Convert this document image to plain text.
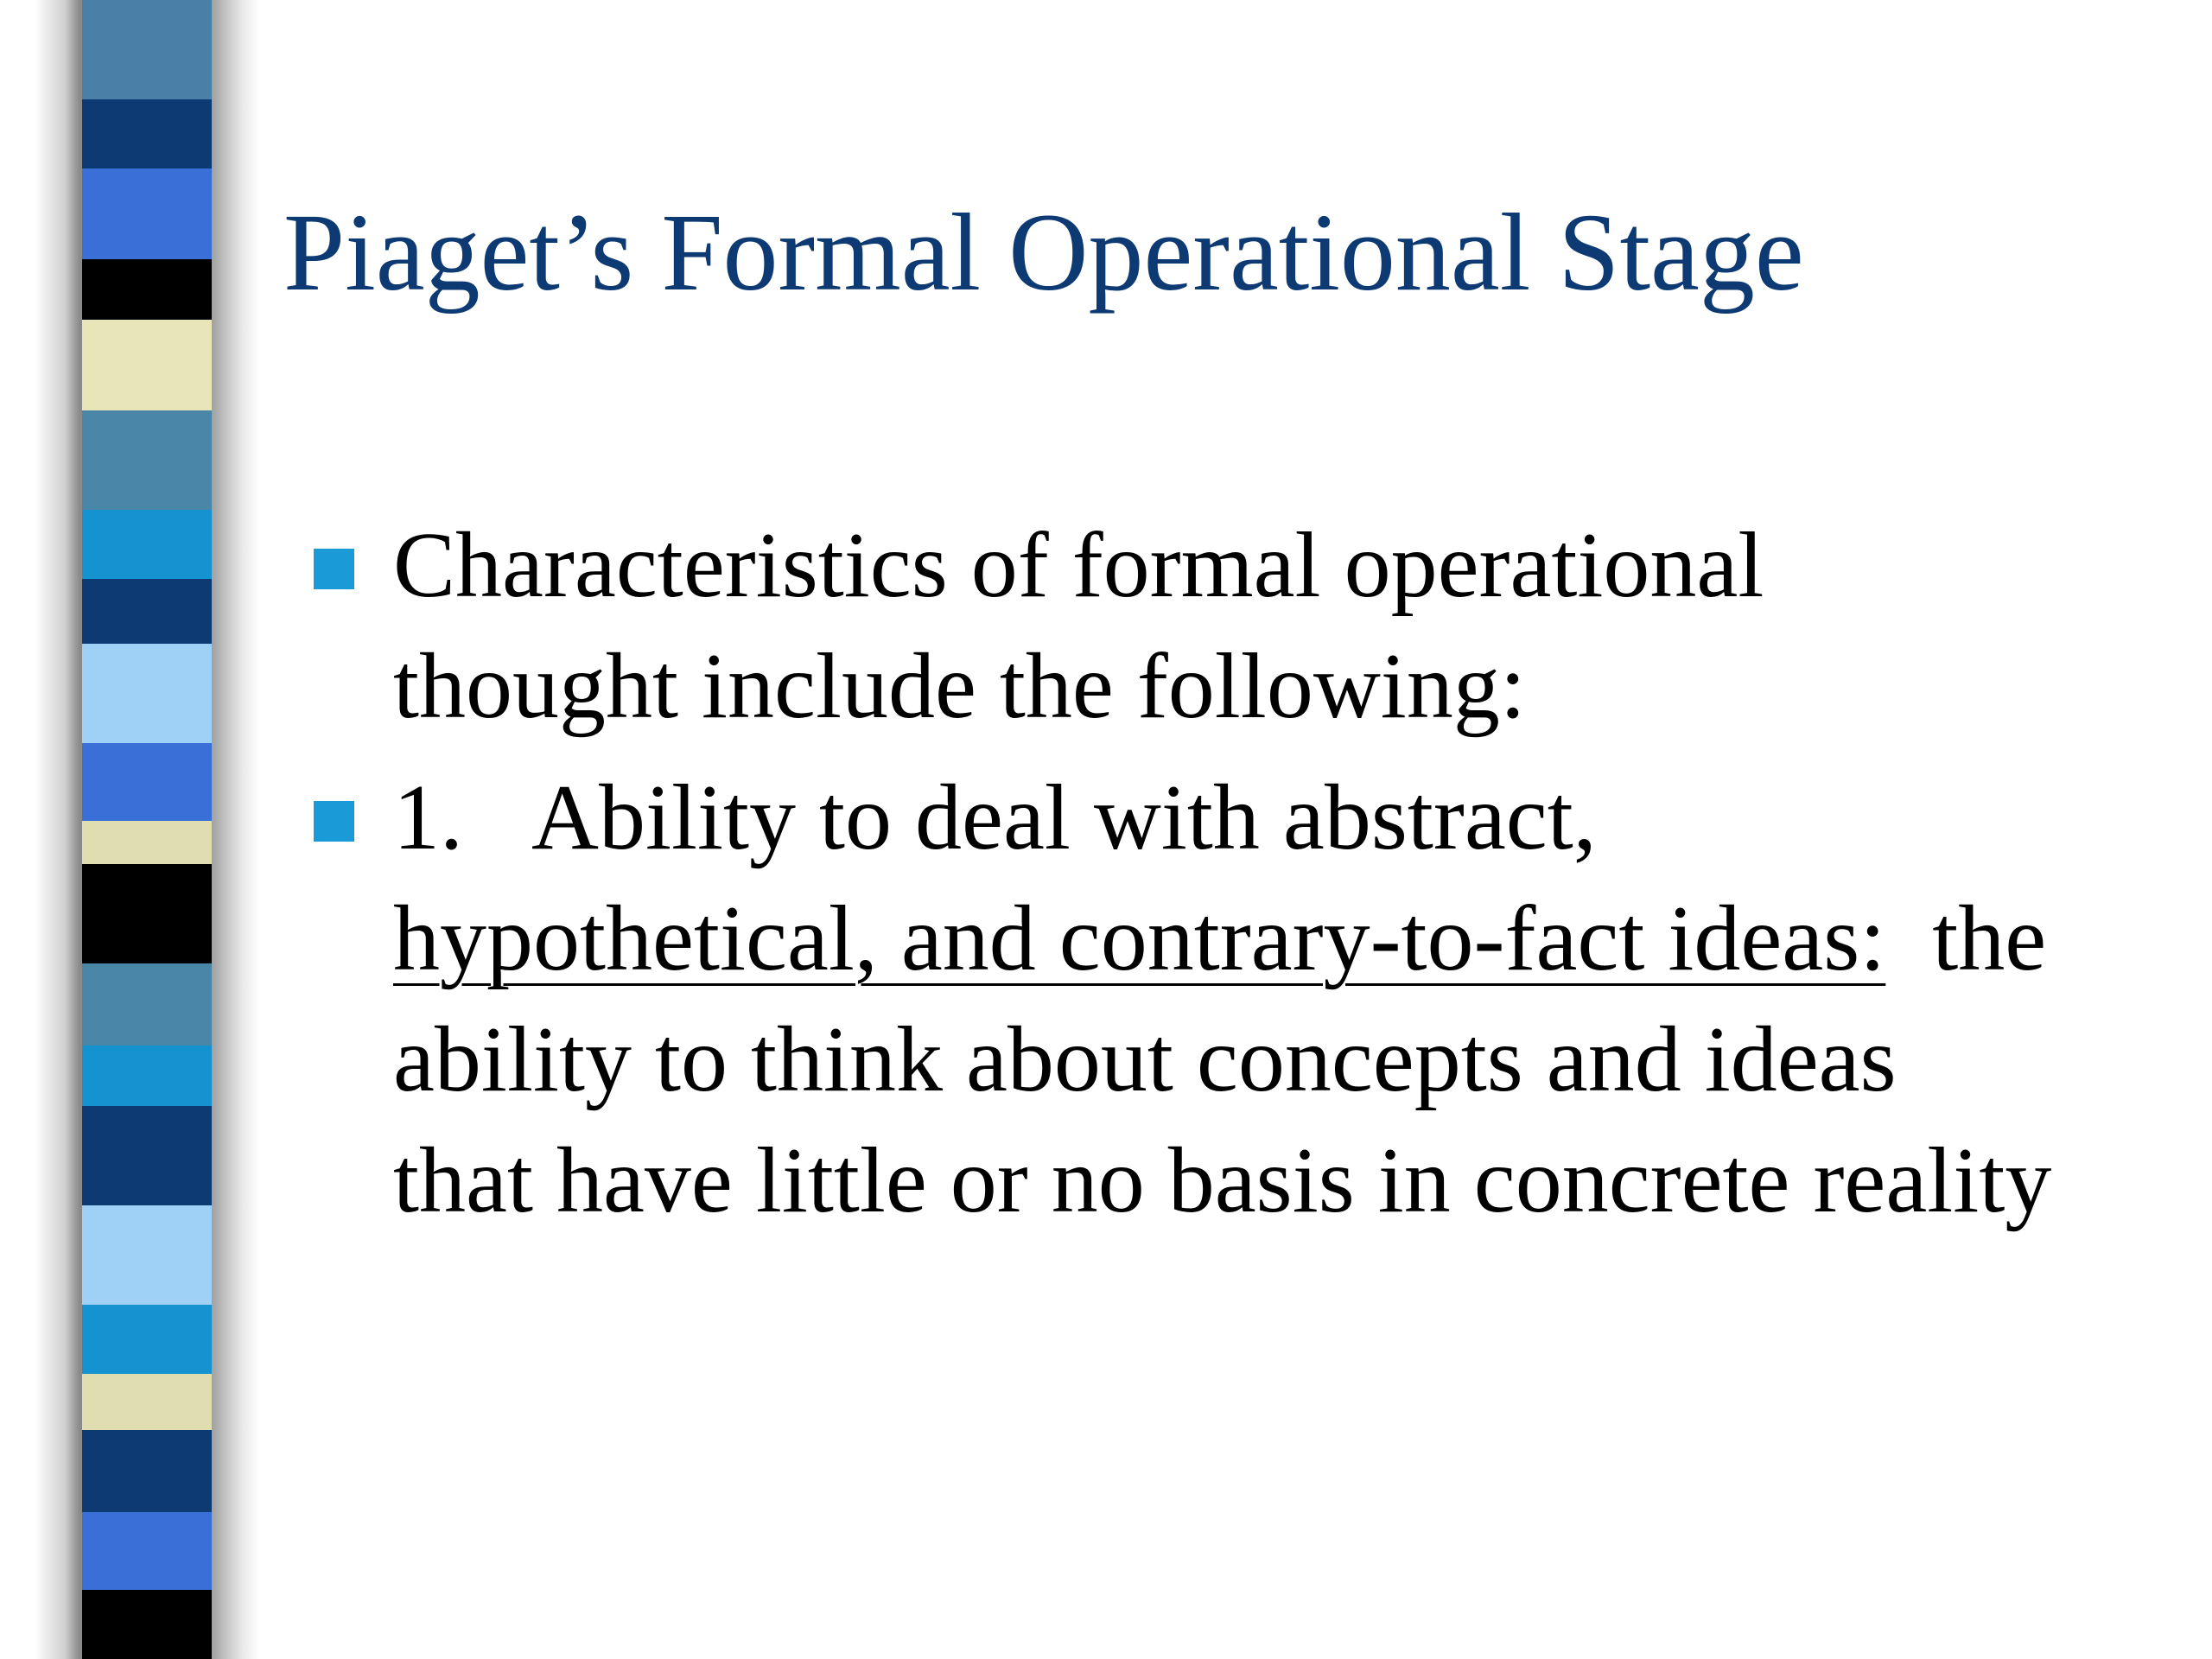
Piaget’s Formal Operational Stage
Characteristics of formal operational
thought include the following:
1. Ability to deal with abstract,
hypothetical, and contrary-to-fact ideas:  the
ability to think about concepts and ideas
that have little or no basis in concrete reality
